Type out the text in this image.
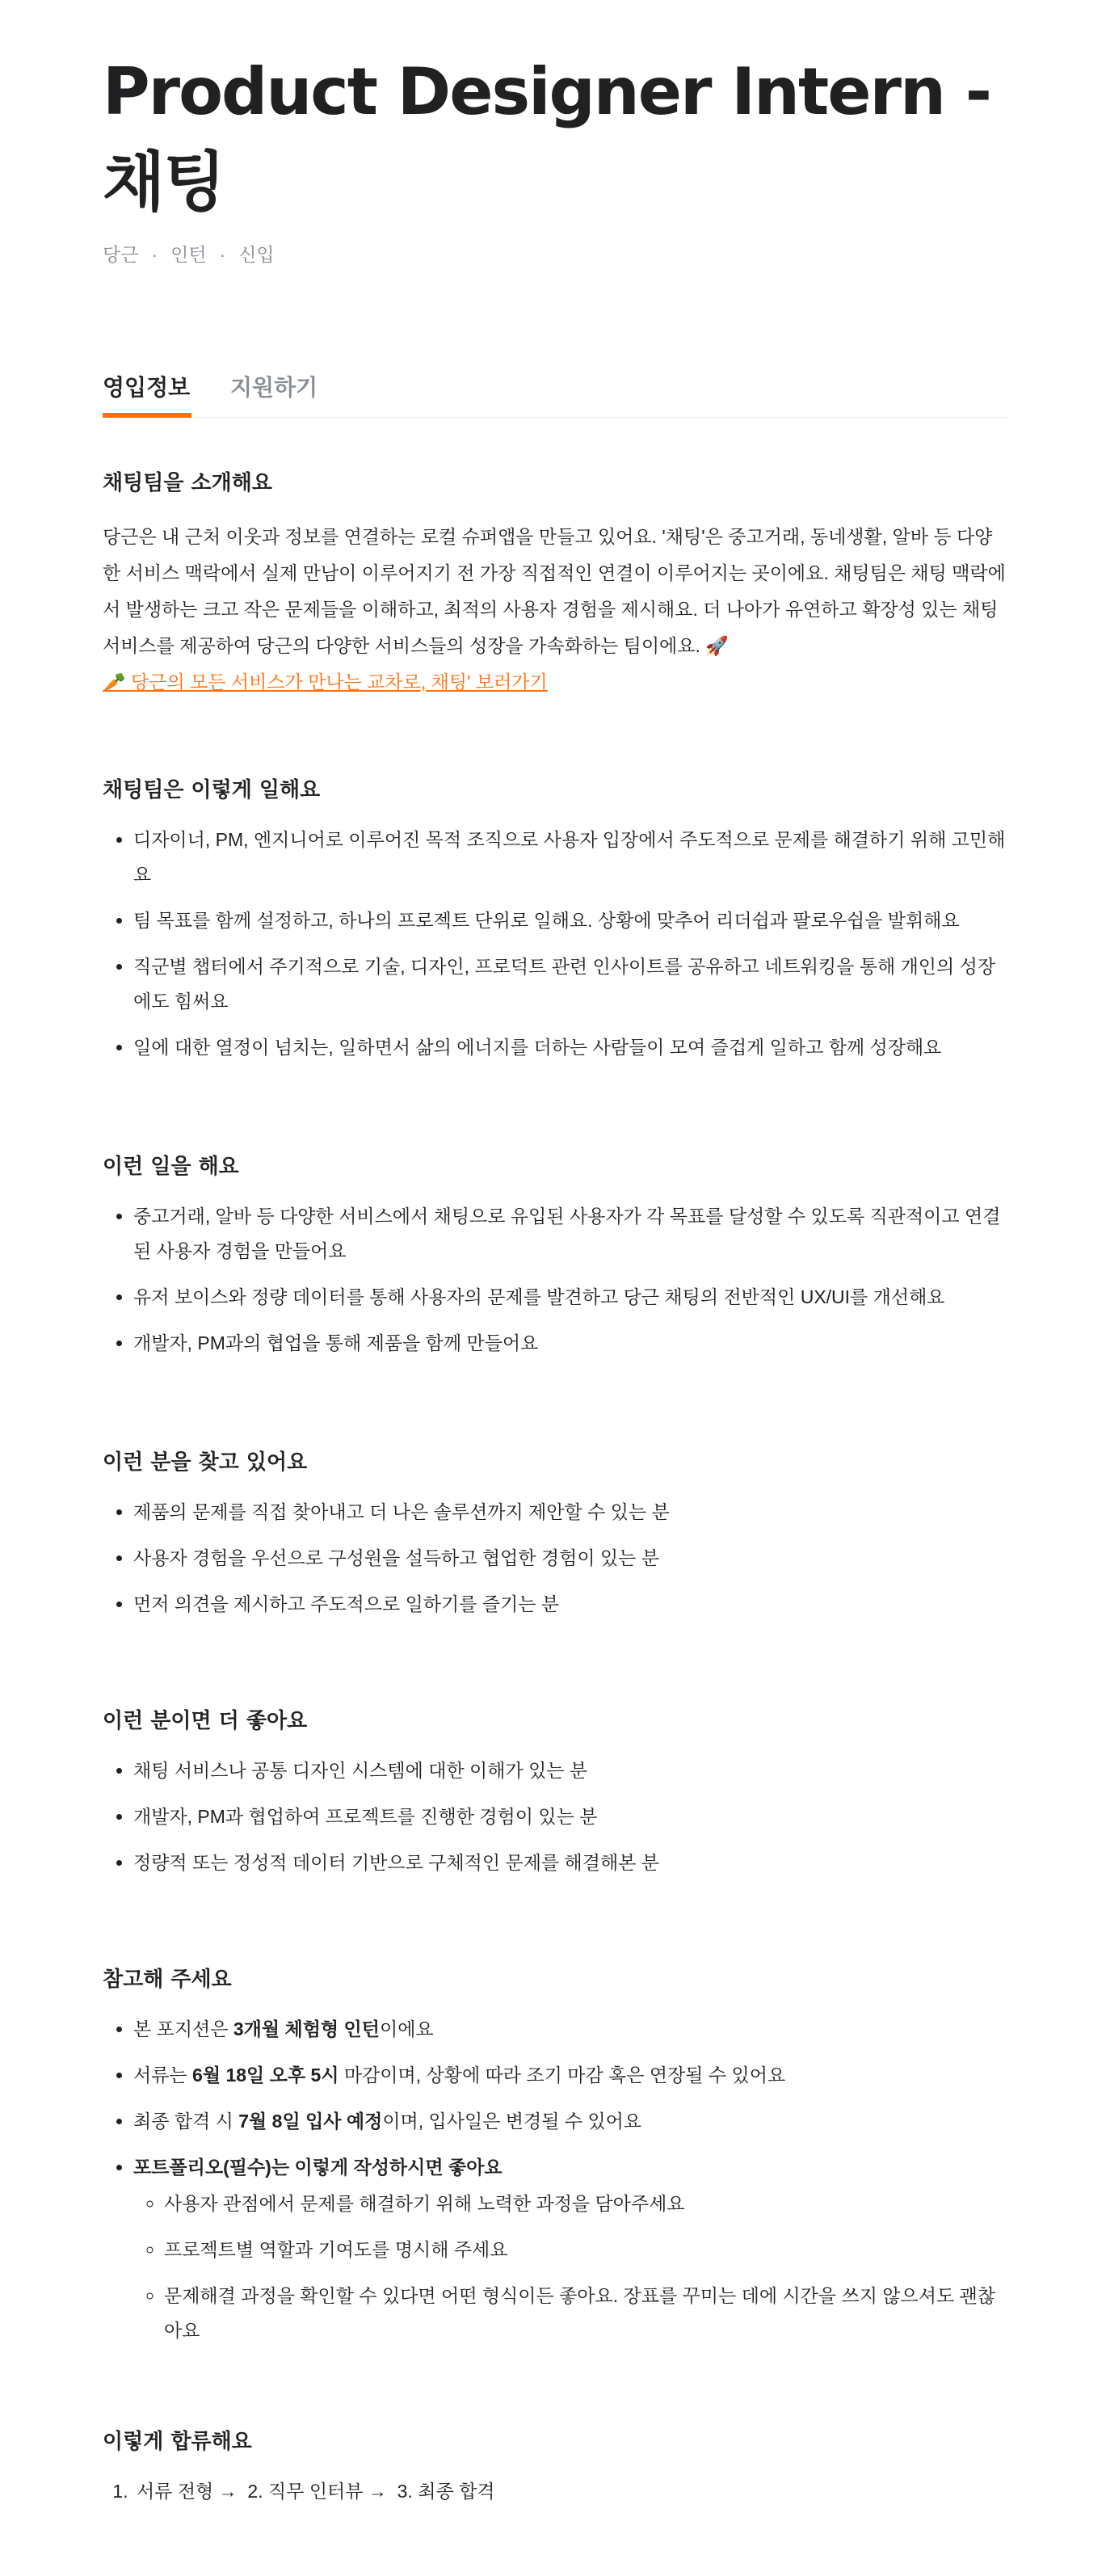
Product Designer Intern - 채팅
당근 · 인턴 · 신입
영입정보 지원하기
채팅팀을 소개해요

당근은 내 근처 이웃과 정보를 연결하는 로컬 슈퍼앱을 만들고 있어요. '채팅'은 중고거래, 동네생활, 알바 등 다양한 서비스 맥락에서 실제 만남이 이루어지기 전 가장 직접적인 연결이 이루어지는 곳이에요. 채팅팀은 채팅 맥락에서 발생하는 크고 작은 문제들을 이해하고, 최적의 사용자 경험을 제시해요. 더 나아가 유연하고 확장성 있는 채팅 서비스를 제공하여 당근의 다양한 서비스들의 성장을 가속화하는 팀이에요. 🚀
🥕 당근의 모든 서비스가 만나는 교차로, 채팅' 보러가기

채팅팀은 이렇게 일해요
• 디자이너, PM, 엔지니어로 이루어진 목적 조직으로 사용자 입장에서 주도적으로 문제를 해결하기 위해 고민해요
• 팀 목표를 함께 설정하고, 하나의 프로젝트 단위로 일해요. 상황에 맞추어 리더쉽과 팔로우쉽을 발휘해요
• 직군별 챕터에서 주기적으로 기술, 디자인, 프로덕트 관련 인사이트를 공유하고 네트워킹을 통해 개인의 성장에도 힘써요
• 일에 대한 열정이 넘치는, 일하면서 삶의 에너지를 더하는 사람들이 모여 즐겁게 일하고 함께 성장해요
이런 일을 해요
• 중고거래, 알바 등 다양한 서비스에서 채팅으로 유입된 사용자가 각 목표를 달성할 수 있도록 직관적이고 연결된 사용자 경험을 만들어요
• 유저 보이스와 정량 데이터를 통해 사용자의 문제를 발견하고 당근 채팅의 전반적인 UX/UI를 개선해요
• 개발자, PM과의 협업을 통해 제품을 함께 만들어요
이런 분을 찾고 있어요
• 제품의 문제를 직접 찾아내고 더 나은 솔루션까지 제안할 수 있는 분
• 사용자 경험을 우선으로 구성원을 설득하고 협업한 경험이 있는 분
• 먼저 의견을 제시하고 주도적으로 일하기를 즐기는 분
이런 분이면 더 좋아요
• 채팅 서비스나 공통 디자인 시스템에 대한 이해가 있는 분
• 개발자, PM과 협업하여 프로젝트를 진행한 경험이 있는 분
• 정량적 또는 정성적 데이터 기반으로 구체적인 문제를 해결해본 분
참고해 주세요
• 본 포지션은 3개월 체험형 인턴이에요
• 서류는 6월 18일 오후 5시 마감이며, 상황에 따라 조기 마감 혹은 연장될 수 있어요
• 최종 합격 시 7월 8일 입사 예정이며, 입사일은 변경될 수 있어요
• 포트폴리오(필수)는 이렇게 작성하시면 좋아요
◦ 사용자 관점에서 문제를 해결하기 위해 노력한 과정을 담아주세요
◦ 프로젝트별 역할과 기여도를 명시해 주세요
◦ 문제해결 과정을 확인할 수 있다면 어떤 형식이든 좋아요. 장표를 꾸미는 데에 시간을 쓰지 않으셔도 괜찮아요
이렇게 합류해요
1. 서류 전형 →  2. 직무 인터뷰 →  3. 최종 합격
